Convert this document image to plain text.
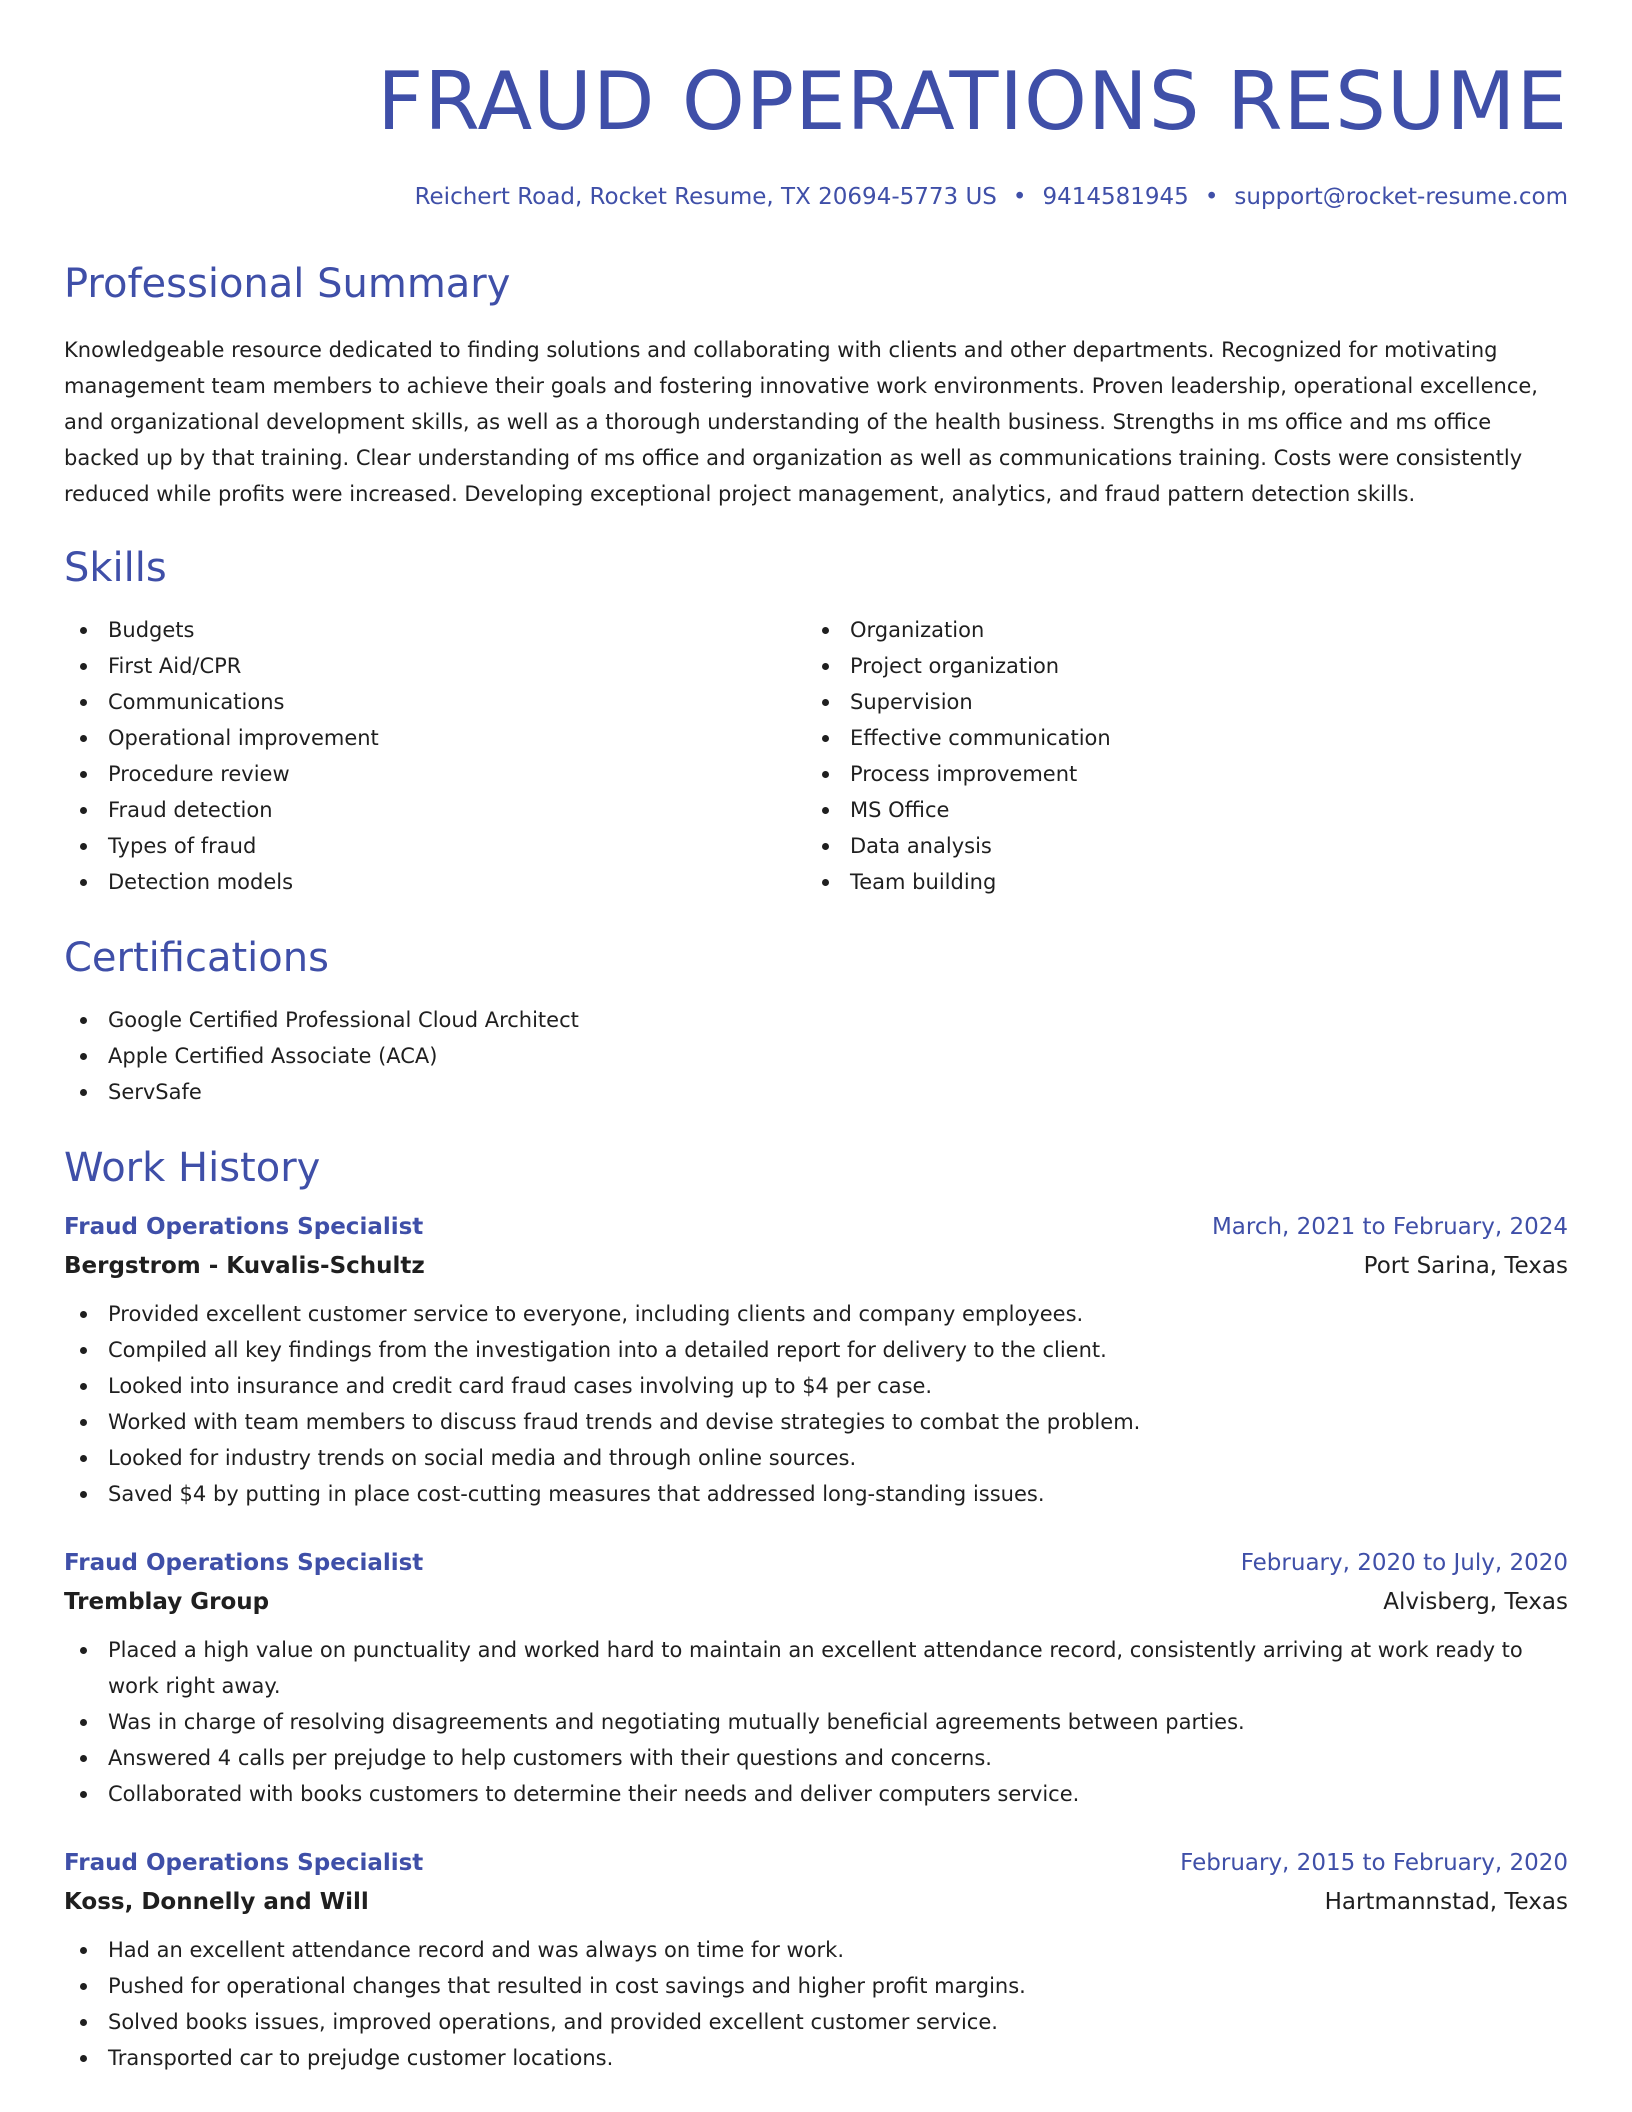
FRAUD OPERATIONS RESUME
Reichert Road, Rocket Resume, TX 20694-5773 US • 9414581945 • support@rocket-resume.com
Professional Summary

Knowledgeable resource dedicated to finding solutions and collaborating with clients and other departments. Recognized for motivating management team members to achieve their goals and fostering innovative work environments. Proven leadership, operational excellence, and organizational development skills, as well as a thorough understanding of the health business. Strengths in ms office and ms office backed up by that training. Clear understanding of ms office and organization as well as communications training. Costs were consistently reduced while profits were increased. Developing exceptional project management, analytics, and fraud pattern detection skills.

Skills
Budgets
First Aid/CPR
Communications
Operational improvement
Procedure review
Fraud detection
Types of fraud
Detection models
Organization
Project organization
Supervision
Effective communication
Process improvement
MS Office
Data analysis
Team building
Certifications
Google Certified Professional Cloud Architect
Apple Certified Associate (ACA)
ServSafe
Work History
Fraud Operations Specialist	March, 2021 to February, 2024
Bergstrom - Kuvalis-Schultz	Port Sarina, Texas
Provided excellent customer service to everyone, including clients and company employees.
Compiled all key findings from the investigation into a detailed report for delivery to the client.
Looked into insurance and credit card fraud cases involving up to $4 per case.
Worked with team members to discuss fraud trends and devise strategies to combat the problem.
Looked for industry trends on social media and through online sources.
Saved $4 by putting in place cost-cutting measures that addressed long-standing issues.
Fraud Operations Specialist	February, 2020 to July, 2020
Tremblay Group	Alvisberg, Texas
Placed a high value on punctuality and worked hard to maintain an excellent attendance record, consistently arriving at work ready to work right away.
Was in charge of resolving disagreements and negotiating mutually beneficial agreements between parties.
Answered 4 calls per prejudge to help customers with their questions and concerns.
Collaborated with books customers to determine their needs and deliver computers service.
Fraud Operations Specialist	February, 2015 to February, 2020
Koss, Donnelly and Will	Hartmannstad, Texas
Had an excellent attendance record and was always on time for work.
Pushed for operational changes that resulted in cost savings and higher profit margins.
Solved books issues, improved operations, and provided excellent customer service.
Transported car to prejudge customer locations.
